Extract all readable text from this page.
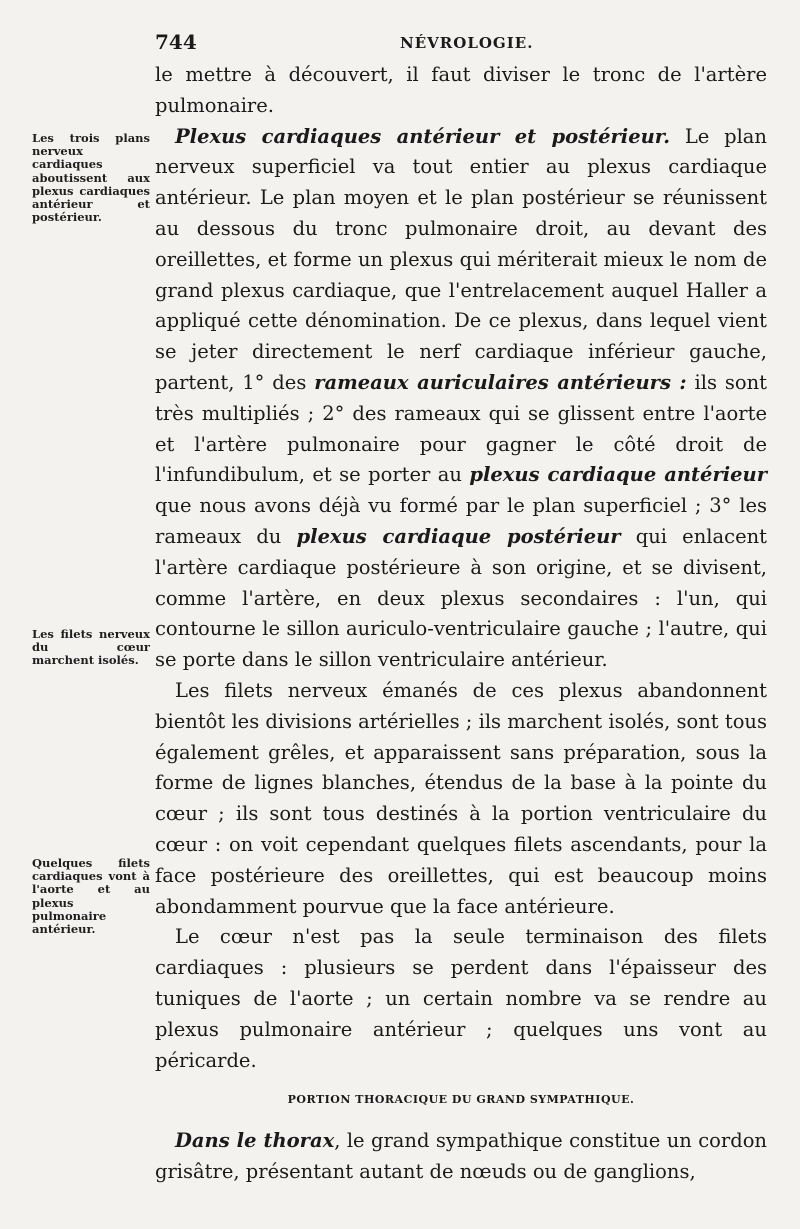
744	NÉVROLOGIE.
Les trois plans nerveux cardiaques aboutissent aux plexus cardiaques antérieur et postérieur.
Les filets nerveux du cœur marchent isolés.
Quelques filets cardiaques vont à l'aorte et au plexus pulmonaire antérieur.

le mettre à découvert, il faut diviser le tronc de l'artère pulmonaire.

Plexus cardiaques antérieur et postérieur. Le plan nerveux superficiel va tout entier au plexus cardiaque antérieur. Le plan moyen et le plan postérieur se réunissent au dessous du tronc pulmonaire droit, au devant des oreillettes, et forme un plexus qui mériterait mieux le nom de grand plexus cardiaque, que l'entrelacement auquel Haller a appliqué cette dénomination. De ce plexus, dans lequel vient se jeter directement le nerf cardiaque inférieur gauche, partent, 1° des rameaux auriculaires antérieurs : ils sont très multipliés ; 2° des rameaux qui se glissent entre l'aorte et l'artère pulmonaire pour gagner le côté droit de l'infundibulum, et se porter au plexus cardiaque antérieur que nous avons déjà vu formé par le plan superficiel ; 3° les rameaux du plexus cardiaque postérieur qui enlacent l'artère cardiaque postérieure à son origine, et se divisent, comme l'artère, en deux plexus secondaires : l'un, qui contourne le sillon auriculo-ventriculaire gauche ; l'autre, qui se porte dans le sillon ventriculaire antérieur.

Les filets nerveux émanés de ces plexus abandonnent bientôt les divisions artérielles ; ils marchent isolés, sont tous également grêles, et apparaissent sans préparation, sous la forme de lignes blanches, étendus de la base à la pointe du cœur ; ils sont tous destinés à la portion ventriculaire du cœur : on voit cependant quelques filets ascendants, pour la face postérieure des oreillettes, qui est beaucoup moins abondamment pourvue que la face antérieure.

Le cœur n'est pas la seule terminaison des filets cardiaques : plusieurs se perdent dans l'épaisseur des tuniques de l'aorte ; un certain nombre va se rendre au plexus pulmonaire antérieur ; quelques uns vont au péricarde.

PORTION THORACIQUE DU GRAND SYMPATHIQUE.

Dans le thorax, le grand sympathique constitue un cordon grisâtre, présentant autant de nœuds ou de ganglions,
